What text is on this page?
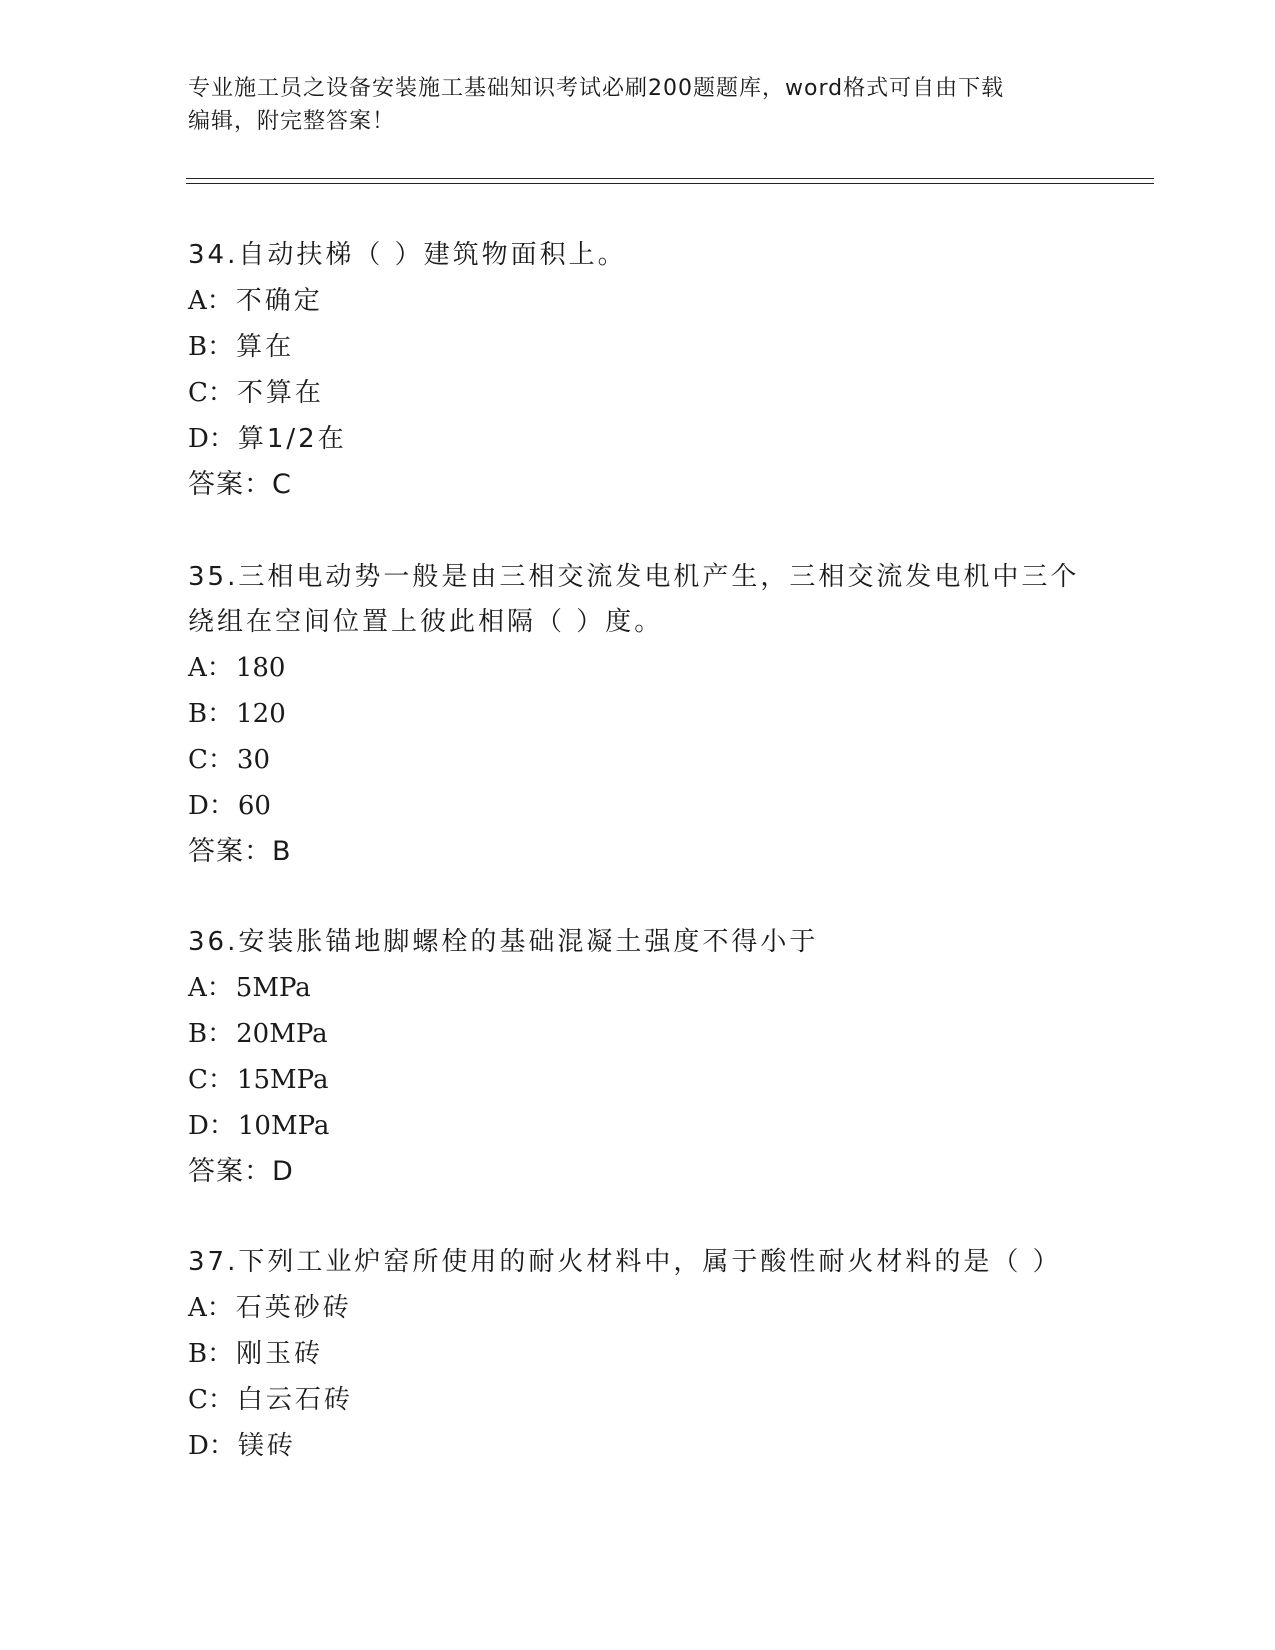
专业施工员之设备安装施工基础知识考试必刷200题题库，word格式可自由下载
编辑，附完整答案！
34.自动扶梯（ ）建筑物面积上。
A：不确定
B：算在
C：不算在
D：算1/2在
答案：C
35.三相电动势一般是由三相交流发电机产生，三相交流发电机中三个
绕组在空间位置上彼此相隔（ ）度。
A：180
B：120
C：30
D：60
答案：B
36.安装胀锚地脚螺栓的基础混凝土强度不得小于
A：5MPa
B：20MPa
C：15MPa
D：10MPa
答案：D
37.下列工业炉窑所使用的耐火材料中，属于酸性耐火材料的是（ ）
A：石英砂砖
B：刚玉砖
C：白云石砖
D：镁砖
